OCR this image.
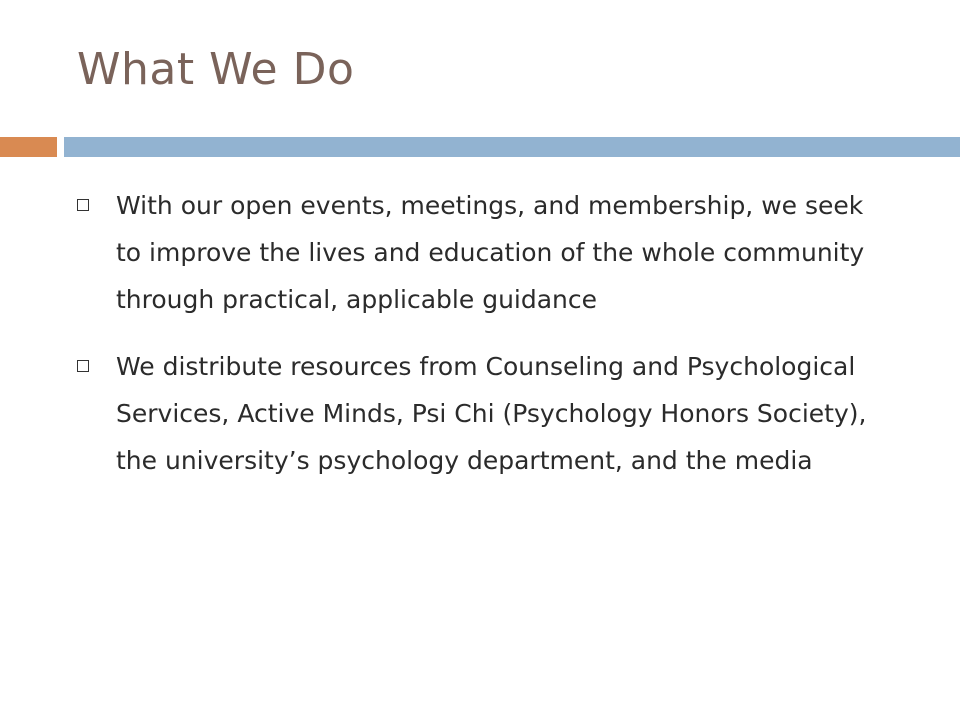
What We Do
With our open events, meetings, and membership, we seek to improve the lives and education of the whole community through practical, applicable guidance
We distribute resources from Counseling and Psychological Services, Active Minds, Psi Chi (Psychology Honors Society), the university’s psychology department, and the media
